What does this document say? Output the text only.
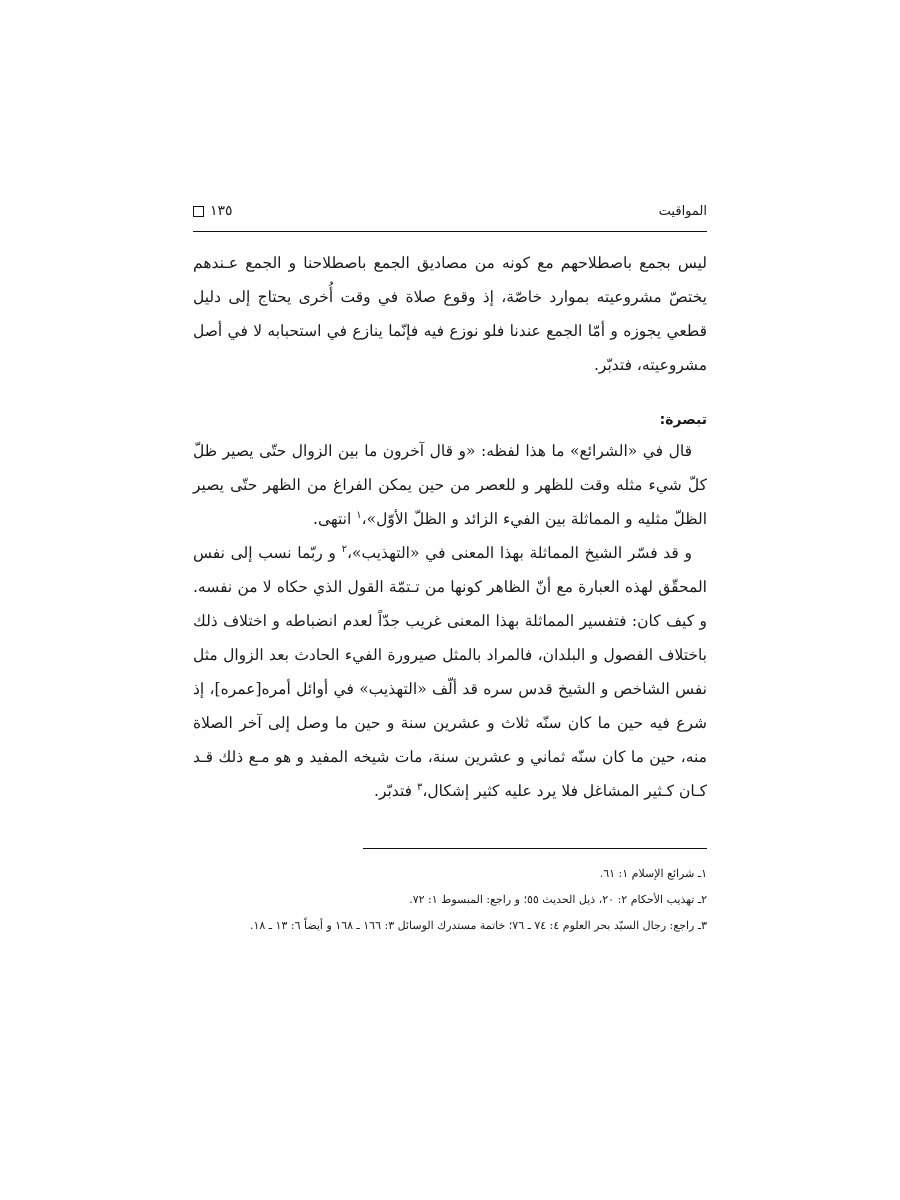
المواقيت
١٣٥
ليس بجمع باصطلاحهم مع كونه من مصاديق الجمع باصطلاحنا و الجمع عـندهم يختصّ مشروعيته بموارد خاصّة، إذ وقوع صلاة في وقت أُخرى يحتاج إلى دليل قطعي يجوزه و أمّا الجمع عندنا فلو نوزع فيه فإنّما ينازع في استحبابه لا في أصل مشروعيته، فتدبّر.
تبصرة:
قال في «الشرائع» ما هذا لفظه: «و قال آخرون ما بين الزوال حتّى يصير ظلّ كلّ شيء مثله وقت للظهر و للعصر من حين يمكن الفراغ من الظهر حتّى يصير الظلّ مثليه و المماثلة بين الفيء الزائد و الظلّ الأوّل»،$^١$ انتهى.
و قد فسّر الشيخ المماثلة بهذا المعنى في «التهذيب»،$^٢$ و ربّما نسب إلى نفس المحقّق لهذه العبارة مع أنّ الظاهر كونها من تـتمّة القول الذي حكاه لا من نفسه. و كيف كان: فتفسير المماثلة بهذا المعنى غريب جدّاً لعدم انضباطه و اختلاف ذلك باختلاف الفصول و البلدان، فالمراد بالمثل صيرورة الفيء الحادث بعد الزوال مثل نفس الشاخص و الشيخ قدس سره قد ألّف «التهذيب» في أوائل أمره[عمره]، إذ شرع فيه حين ما كان سنّه ثلاث و عشرين سنة و حين ما وصل إلى آخر الصلاة منه، حين ما كان سنّه ثماني و عشرين سنة، مات شيخه المفيد و هو مـع ذلك قـد كـان كـثير المشاغل فلا يرد عليه كثير إشكال،$^٣$ فتدبّر.
١ـ شرائع الإسلام ١: ٦١.
٢ـ تهذيب الأحكام ٢: ٢٠، ذيل الحديث ٥٥؛ و راجع: المبسوط ١: ٧٢.
٣ـ راجع: رجال السيّد بحر العلوم ٤: ٧٤ ـ ٧٦؛ خاتمة مستدرك الوسائل ٣: ١٦٦ ـ ١٦٨ و أيضاً ٦: ١٣ ـ ١٨.
